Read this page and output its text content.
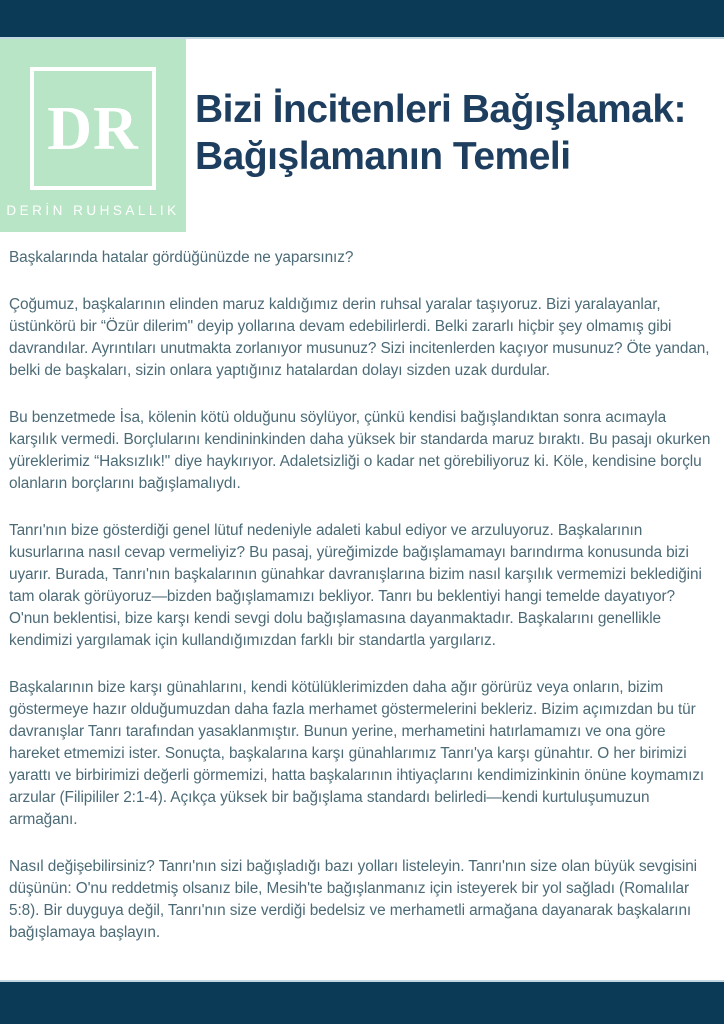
DR
DERİN RUHSALLIK
Bizi İncitenleri Bağışlamak:
Bağışlamanın Temeli

Başkalarında hatalar gördüğünüzde ne yaparsınız?

Çoğumuz, başkalarının elinden maruz kaldığımız derin ruhsal yaralar taşıyoruz. Bizi yaralayanlar, üstünkörü bir “Özür dilerim" deyip yollarına devam edebilirlerdi. Belki zararlı hiçbir şey olmamış gibi davrandılar. Ayrıntıları unutmakta zorlanıyor musunuz? Sizi incitenlerden kaçıyor musunuz? Öte yandan, belki de başkaları, sizin onlara yaptığınız hatalardan dolayı sizden uzak durdular.

Bu benzetmede İsa, kölenin kötü olduğunu söylüyor, çünkü kendisi bağışlandıktan sonra acımayla karşılık vermedi. Borçlularını kendininkinden daha yüksek bir standarda maruz bıraktı. Bu pasajı okurken yüreklerimiz “Haksızlık!" diye haykırıyor. Adaletsizliği o kadar net görebiliyoruz ki. Köle, kendisine borçlu olanların borçlarını bağışlamalıydı.

Tanrı'nın bize gösterdiği genel lütuf nedeniyle adaleti kabul ediyor ve arzuluyoruz. Başkalarının kusurlarına nasıl cevap vermeliyiz? Bu pasaj, yüreğimizde bağışlamamayı barındırma konusunda bizi uyarır. Burada, Tanrı'nın başkalarının günahkar davranışlarına bizim nasıl karşılık vermemizi beklediğini tam olarak görüyoruz—bizden bağışlamamızı bekliyor. Tanrı bu beklentiyi hangi temelde dayatıyor? O'nun beklentisi, bize karşı kendi sevgi dolu bağışlamasına dayanmaktadır. Başkalarını genellikle kendimizi yargılamak için kullandığımızdan farklı bir standartla yargılarız.

Başkalarının bize karşı günahlarını, kendi kötülüklerimizden daha ağır görürüz veya onların, bizim göstermeye hazır olduğumuzdan daha fazla merhamet göstermelerini bekleriz. Bizim açımızdan bu tür davranışlar Tanrı tarafından yasaklanmıştır. Bunun yerine, merhametini hatırlamamızı ve ona göre hareket etmemizi ister. Sonuçta, başkalarına karşı günahlarımız Tanrı'ya karşı günahtır. O her birimizi yarattı ve birbirimizi değerli görmemizi, hatta başkalarının ihtiyaçlarını kendimizinkinin önüne koymamızı arzular (Filipililer 2:1-4). Açıkça yüksek bir bağışlama standardı belirledi—kendi kurtuluşumuzun armağanı.

Nasıl değişebilirsiniz? Tanrı'nın sizi bağışladığı bazı yolları listeleyin. Tanrı'nın size olan büyük sevgisini düşünün: O'nu reddetmiş olsanız bile, Mesih'te bağışlanmanız için isteyerek bir yol sağladı (Romalılar 5:8). Bir duyguya değil, Tanrı'nın size verdiği bedelsiz ve merhametli armağana dayanarak başkalarını bağışlamaya başlayın.
